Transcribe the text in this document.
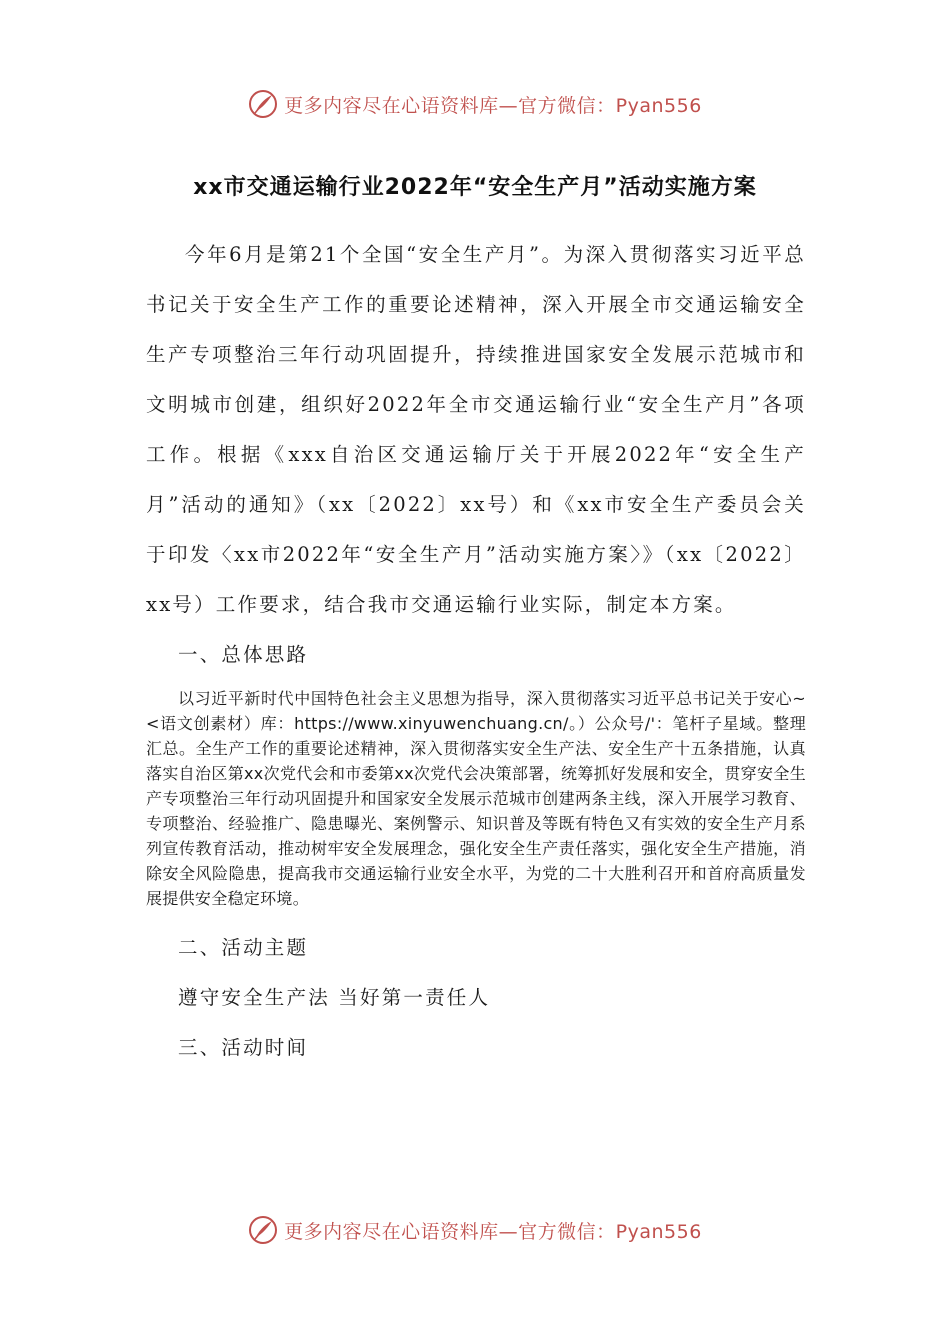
更多内容尽在心语资料库—官方微信：Pyan556
xx市交通运输行业2022年“安全生产月”活动实施方案

今年6月是第21个全国“安全生产月”。为深入贯彻落实习近平总书记关于安全生产工作的重要论述精神，深入开展全市交通运输安全生产专项整治三年行动巩固提升，持续推进国家安全发展示范城市和文明城市创建，组织好2022年全市交通运输行业“安全生产月”各项工作。根据《xxx自治区交通运输厅关于开展2022年“安全生产月”活动的通知》（xx〔2022〕xx号）和《xx市安全生产委员会关于印发〈xx市2022年“安全生产月”活动实施方案〉》（xx〔2022〕xx号）工作要求，结合我市交通运输行业实际，制定本方案。

一、总体思路

以习近平新时代中国特色社会主义思想为指导，深入贯彻落实习近平总书记关于安心~<语文创素材）库：https://www.xinyuwenchuang.cn/。）公众号/'：笔杆子星域。整理汇总。全生产工作的重要论述精神，深入贯彻落实安全生产法、安全生产十五条措施，认真落实自治区第xx次党代会和市委第xx次党代会决策部署，统筹抓好发展和安全，贯穿安全生产专项整治三年行动巩固提升和国家安全发展示范城市创建两条主线，深入开展学习教育、专项整治、经验推广、隐患曝光、案例警示、知识普及等既有特色又有实效的安全生产月系列宣传教育活动，推动树牢安全发展理念，强化安全生产责任落实，强化安全生产措施，消除安全风险隐患，提高我市交通运输行业安全水平，为党的二十大胜利召开和首府高质量发展提供安全稳定环境。

二、活动主题

遵守安全生产法 当好第一责任人

三、活动时间

更多内容尽在心语资料库—官方微信：Pyan556
